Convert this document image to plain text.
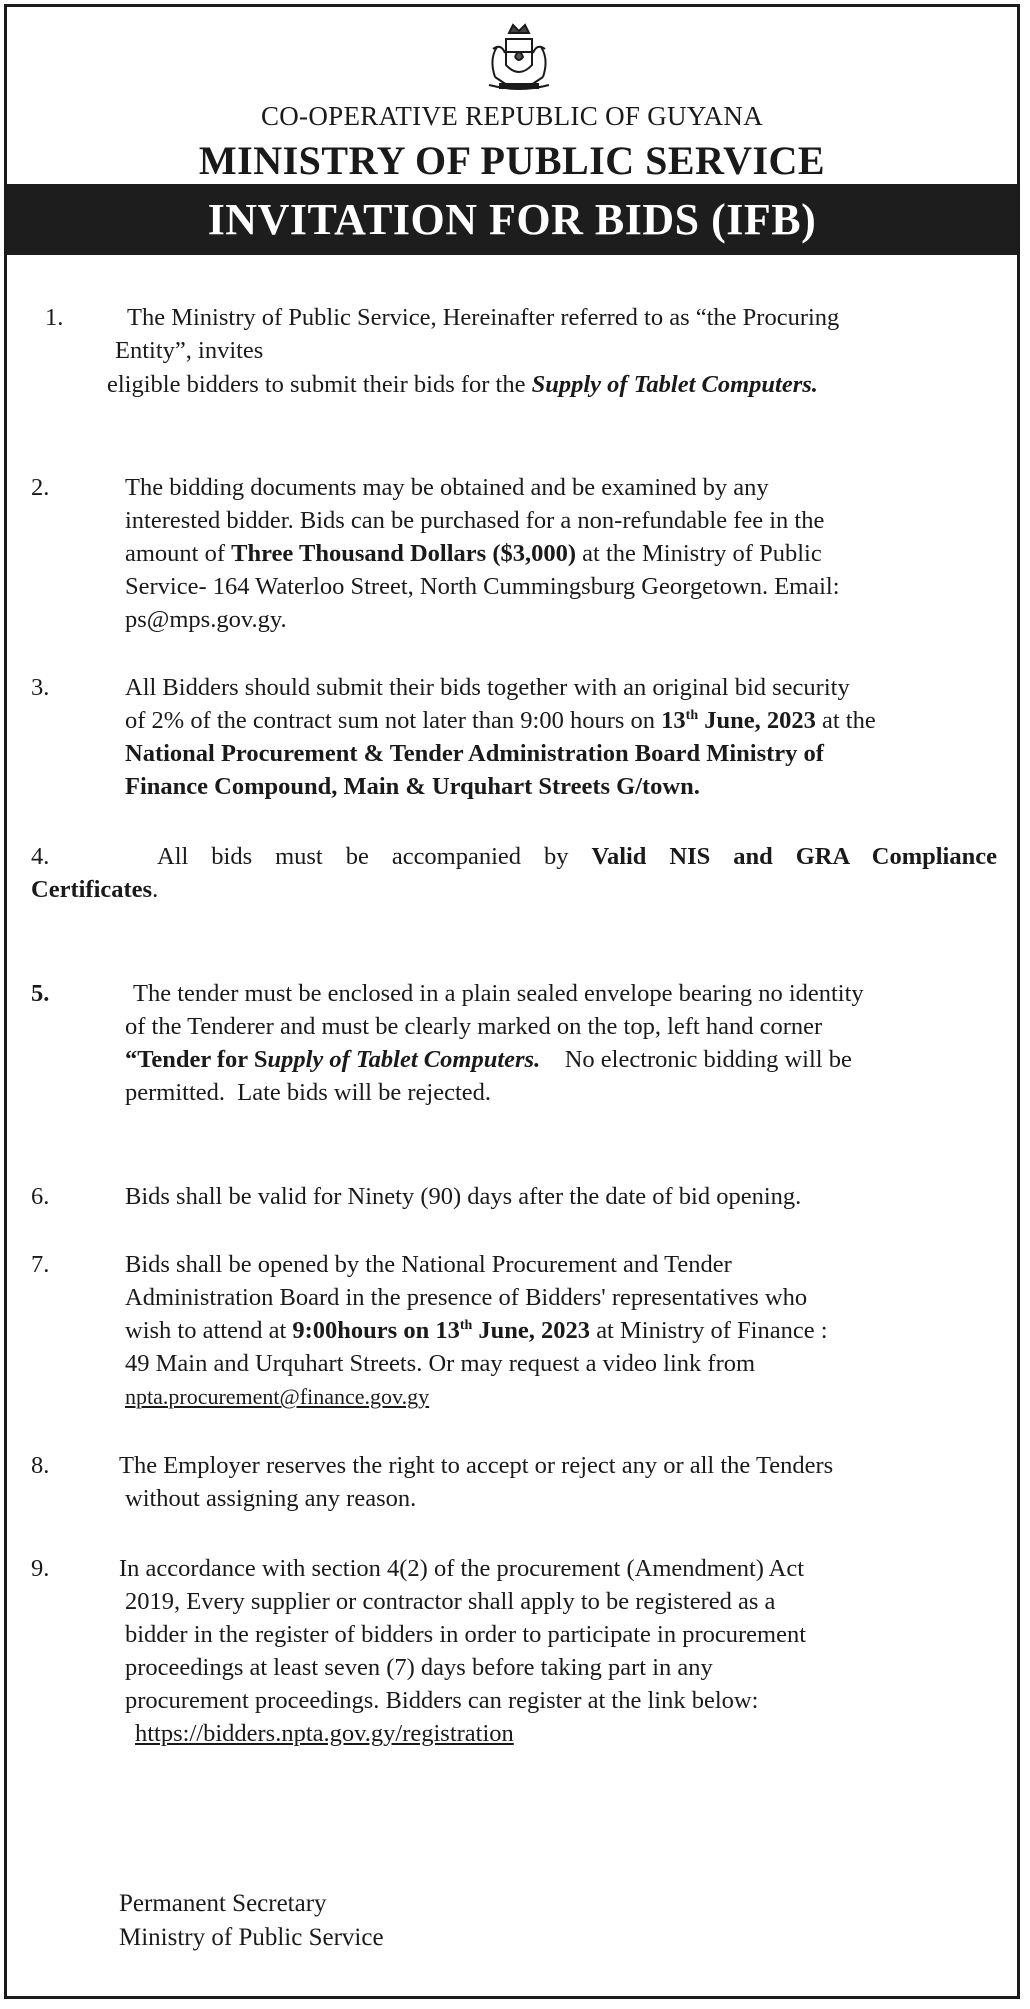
CO-OPERATIVE REPUBLIC OF GUYANA
MINISTRY OF PUBLIC SERVICE
INVITATION FOR BIDS (IFB)
1.	The Ministry of Public Service, Hereinafter referred to as “the Procuring
Entity”, invites
eligible bidders to submit their bids for the Supply of Tablet Computers.
2.	The bidding documents may be obtained and be examined by any
interested bidder. Bids can be purchased for a non-refundable fee in the
amount of Three Thousand Dollars ($3,000) at the Ministry of Public
Service- 164 Waterloo Street, North Cummingsburg Georgetown. Email:
ps@mps.gov.gy.
3.	All Bidders should submit their bids together with an original bid security
of 2% of the contract sum not later than 9:00 hours on 13th June, 2023 at the
National Procurement & Tender Administration Board Ministry of
Finance Compound, Main & Urquhart Streets G/town.
4.	All bids must be accompanied by Valid NIS and GRA Compliance
Certificates.
5.	The tender must be enclosed in a plain sealed envelope bearing no identity
of the Tenderer and must be clearly marked on the top, left hand corner
“Tender for Supply of Tablet Computers.    No electronic bidding will be
permitted.  Late bids will be rejected.
6.	Bids shall be valid for Ninety (90) days after the date of bid opening.
7.	Bids shall be opened by the National Procurement and Tender
Administration Board in the presence of Bidders' representatives who
wish to attend at 9:00hours on 13th June, 2023 at Ministry of Finance :
49 Main and Urquhart Streets. Or may request a video link from
npta.procurement@finance.gov.gy
8.	The Employer reserves the right to accept or reject any or all the Tenders
without assigning any reason.
9.	In accordance with section 4(2) of the procurement (Amendment) Act
2019, Every supplier or contractor shall apply to be registered as a
bidder in the register of bidders in order to participate in procurement
proceedings at least seven (7) days before taking part in any
procurement proceedings. Bidders can register at the link below:
https://bidders.npta.gov.gy/registration
Permanent Secretary
Ministry of Public Service
